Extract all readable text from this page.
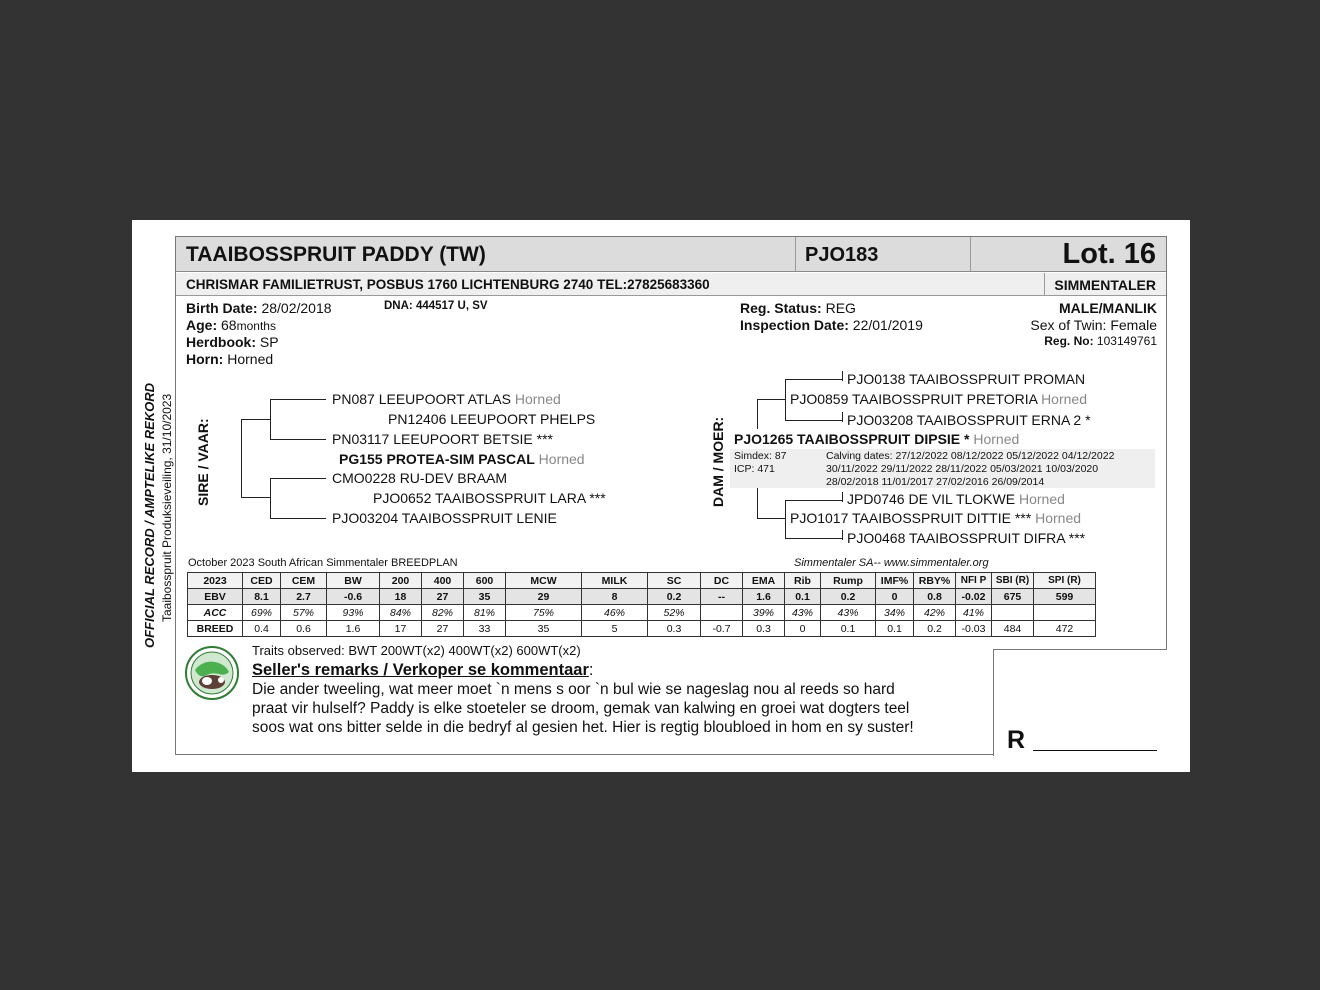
OFFICIAL RECORD / AMPTELIKE REKORD Taaibosspruit Produksieveiling, 31/10/2023
TAAIBOSSPRUIT PADDY (TW)	PJO183	Lot. 16
CHRISMAR FAMILIETRUST, POSBUS 1760 LICHTENBURG 2740 TEL:27825683360	SIMMENTALER
Birth Date: 28/02/2018	DNA: 444517 U, SV
Age: 68months
Herdbook: SP
Horn: Horned
Reg. Status: REG
Inspection Date: 22/01/2019
MALE/MANLIK
Sex of Twin: Female
Reg. No: 103149761
SIRE / VAAR:
PN087 LEEUPOORT ATLAS Horned
PN12406 LEEUPOORT PHELPS
PN03117 LEEUPOORT BETSIE ***
PG155 PROTEA-SIM PASCAL Horned
CMO0228 RU-DEV BRAAM
PJO0652 TAAIBOSSPRUIT LARA ***
PJO03204 TAAIBOSSPRUIT LENIE
DAM / MOER:
PJO0138 TAAIBOSSPRUIT PROMAN
PJO0859 TAAIBOSSPRUIT PRETORIA Horned
PJO03208 TAAIBOSSPRUIT ERNA 2 *
PJO1265 TAAIBOSSPRUIT DIPSIE * Horned
Simdex: 87
ICP: 471
Calving dates: 27/12/2022 08/12/2022 05/12/2022 04/12/2022
30/11/2022 29/11/2022 28/11/2022 05/03/2021 10/03/2020
28/02/2018 11/01/2017 27/02/2016 26/09/2014
JPD0746 DE VIL TLOKWE Horned
PJO1017 TAAIBOSSPRUIT DITTIE *** Horned
PJO0468 TAAIBOSSPRUIT DIFRA ***
October 2023 South African Simmentaler BREEDPLAN	Simmentaler SA-- www.simmentaler.org
2023	CED	CEM	BW	200	400	600	MCW	MILK	SC	DC	EMA	Rib	Rump	IMF%	RBY%	NFI P	SBI (R)	SPI (R)
EBV	8.1	2.7	-0.6	18	27	35	29	8	0.2	--	1.6	0.1	0.2	0	0.8	-0.02	675	599
ACC	69%	57%	93%	84%	82%	81%	75%	46%	52%		39%	43%	43%	34%	42%	41%		
BREED	0.4	0.6	1.6	17	27	33	35	5	0.3	-0.7	0.3	0	0.1	0.1	0.2	-0.03	484	472
Traits observed: BWT 200WT(x2) 400WT(x2) 600WT(x2)
Seller's remarks / Verkoper se kommentaar:
Die ander tweeling, wat meer moet `n mens s oor `n bul wie se nageslag nou al reeds so hard
praat vir hulself? Paddy is elke stoeteler se droom, gemak van kalwing en groei wat dogters teel
soos wat ons bitter selde in die bedryf al gesien het. Hier is regtig bloubloed in hom en sy suster!	R
